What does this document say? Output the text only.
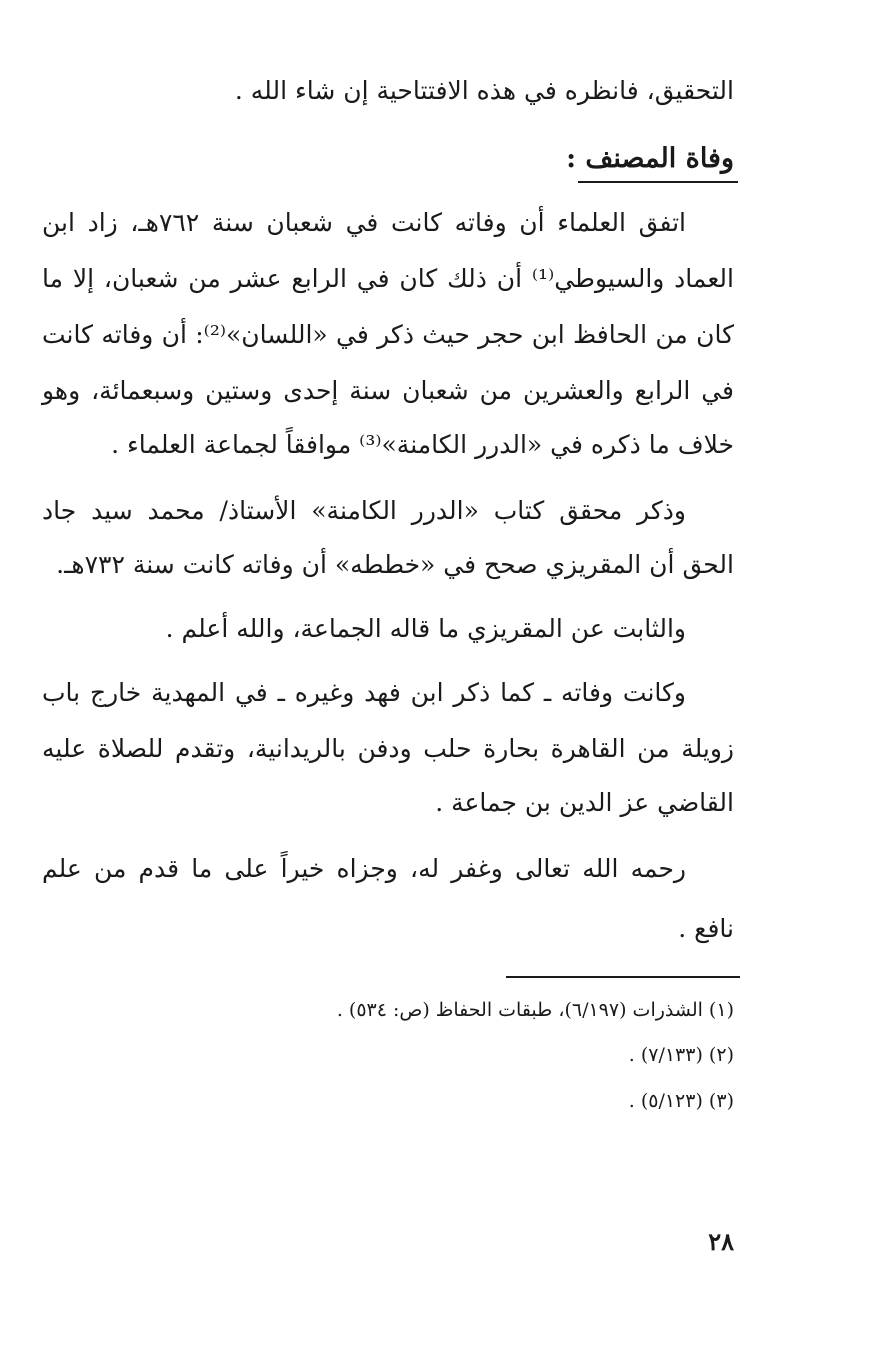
التحقيق، فانظره في هذه الافتتاحية إن شاء الله .
وفاة المصنف :
اتفق العلماء أن وفاته كانت في شعبان سنة ٧٦٢هـ، زاد ابن
العماد والسيوطي⁽¹⁾ أن ذلك كان في الرابع عشر من شعبان، إلا ما
كان من الحافظ ابن حجر حيث ذكر في «اللسان»⁽²⁾: أن وفاته كانت
في الرابع والعشرين من شعبان سنة إحدى وستين وسبعمائة، وهو
خلاف ما ذكره في «الدرر الكامنة»⁽³⁾ موافقاً لجماعة العلماء .
وذكر محقق كتاب «الدرر الكامنة» الأستاذ/ محمد سيد جاد
الحق أن المقريزي صحح في «خططه» أن وفاته كانت سنة ٧٣٢هـ.
والثابت عن المقريزي ما قاله الجماعة، والله أعلم .
وكانت وفاته ـ كما ذكر ابن فهد وغيره ـ في المهدية خارج باب
زويلة من القاهرة بحارة حلب ودفن بالريدانية، وتقدم للصلاة عليه
القاضي عز الدين بن جماعة .
رحمه الله تعالى وغفر له، وجزاه خيراً على ما قدم من علم
نافع .
(١) الشذرات (٦/١٩٧)، طبقات الحفاظ (ص: ٥٣٤) .
(٢) (٧/١٣٣) .
(٣) (٥/١٢٣) .
٢٨
